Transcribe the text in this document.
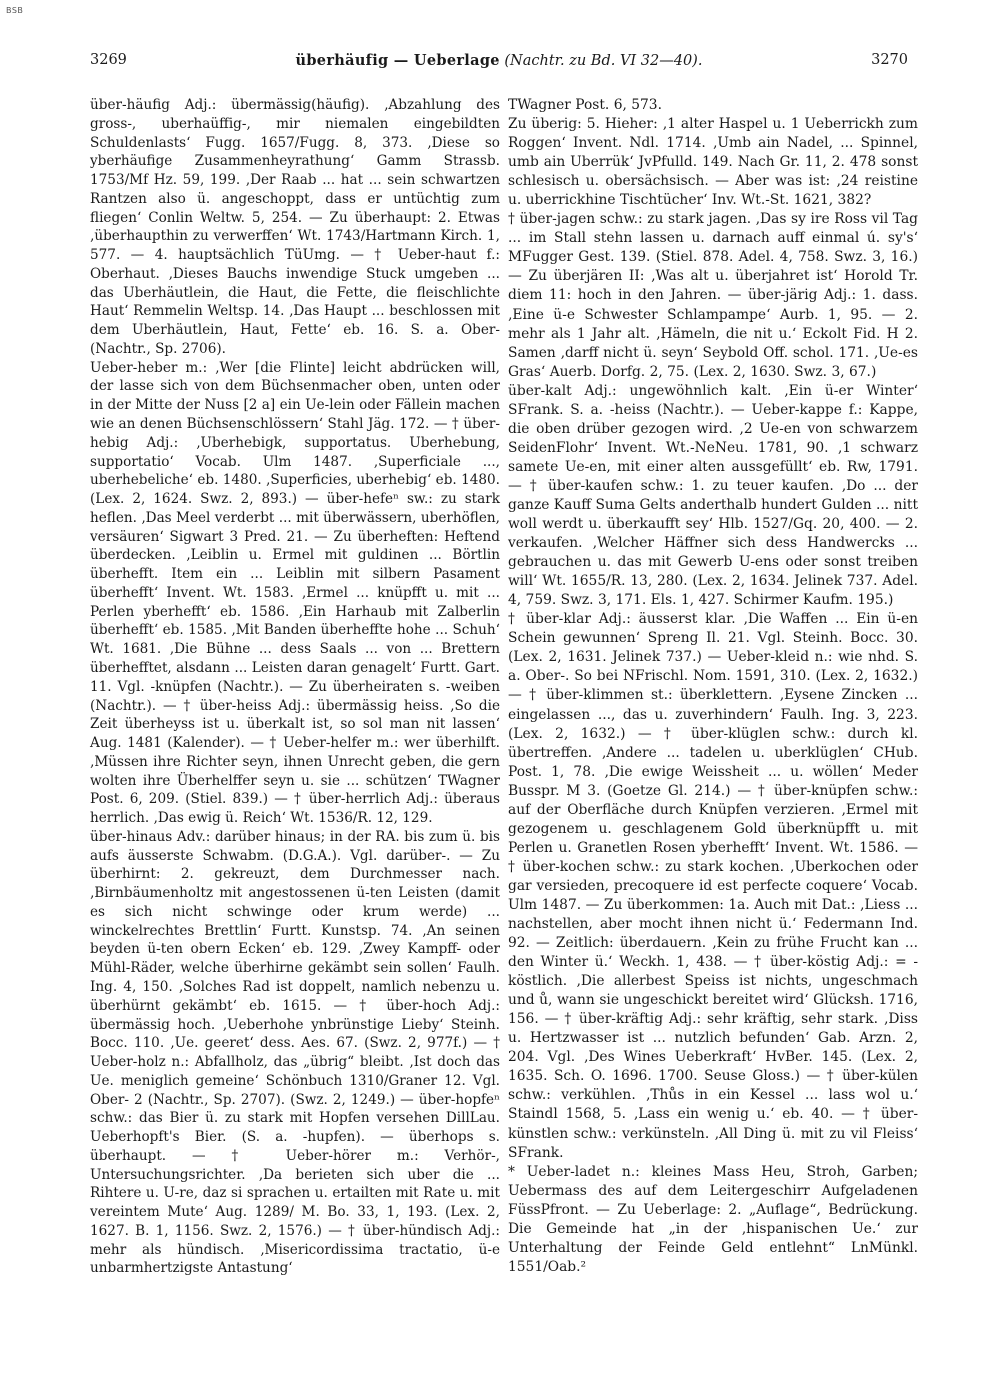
BSB
3269	überhäufig — Ueberlage (Nachtr. zu Bd. VI 32—40).	3270

über-häufig Adj.: übermässig(häufig). ‚Abzahlung des gross-, uberhaüffig-, mir niemalen eingebildten Schuldenlasts‘ Fugg. 1657/Fugg. 8, 373. ‚Diese so yberhäufige Zusammenheyrathung‘ Gamm Strassb. 1753/Mf Hz. 59, 199. ‚Der Raab ... hat ... sein schwartzen Rantzen also ü. angeschoppt, dass er untüchtig zum fliegen‘ Conlin Weltw. 5, 254. — Zu überhaupt: 2. Etwas ‚überhaupthin zu verwerffen‘ Wt. 1743/Hartmann Kirch. 1, 577. — 4. hauptsächlich TüUmg. — † Ueber-haut f.: Oberhaut. ‚Dieses Bauchs inwendige Stuck umgeben ... das Uberhäutlein, die Haut, die Fette, die fleischlichte Haut‘ Remmelin Weltsp. 14. ‚Das Haupt ... beschlossen mit dem Uberhäutlein, Haut, Fette‘ eb. 16. S. a. Ober- (Nachtr., Sp. 2706).

Ueber-heber m.: ‚Wer [die Flinte] leicht abdrücken will, der lasse sich von dem Büchsenmacher oben, unten oder in der Mitte der Nuss [2 a] ein Ue-lein oder Fällein machen wie an denen Büchsenschlössern‘ Stahl Jäg. 172. — † über-hebig Adj.: ‚Uberhebigk, supportatus. Uberhebung, supportatio‘ Vocab. Ulm 1487. ‚Superficiale ..., uberhebeliche‘ eb. 1480. ‚Superficies, uberhebig‘ eb. 1480. (Lex. 2, 1624. Swz. 2, 893.) — über-hefeⁿ sw.: zu stark heflen. ‚Das Meel verderbt ... mit überwässern, uberhöflen, versäuren‘ Sigwart 3 Pred. 21. — Zu überheften: Heftend überdecken. ‚Leiblin u. Ermel mit guldinen ... Börtlin überhefft. Item ein ... Leiblin mit silbern Pasament überhefft‘ Invent. Wt. 1583. ‚Ermel ... knüpfft u. mit ... Perlen yberhefft‘ eb. 1586. ‚Ein Harhaub mit Zalberlin überhefft‘ eb. 1585. ‚Mit Banden überheffte hohe ... Schuh‘ Wt. 1681. ‚Die Bühne ... dess Saals ... von ... Brettern überhefftet, alsdann ... Leisten daran genagelt‘ Furtt. Gart. 11. Vgl. -knüpfen (Nachtr.). — Zu überheiraten s. -weiben (Nachtr.). — † über-heiss Adj.: übermässig heiss. ‚So die Zeit überheyss ist u. überkalt ist, so sol man nit lassen‘ Aug. 1481 (Kalender). — † Ueber-helfer m.: wer überhilft. ‚Müssen ihre Richter seyn, ihnen Unrecht geben, die gern wolten ihre Überhelffer seyn u. sie ... schützen‘ TWagner Post. 6, 209. (Stiel. 839.) — † über-herrlich Adj.: überaus herrlich. ‚Das ewig ü. Reich‘ Wt. 1536/R. 12, 129.

über-hinaus Adv.: darüber hinaus; in der RA. bis zum ü. bis aufs äusserste Schwabm. (D.G.A.). Vgl. darüber-. — Zu überhirnt: 2. gekreuzt, dem Durchmesser nach. ‚Birnbäumenholtz mit angestossenen ü-ten Leisten (damit es sich nicht schwinge oder krum werde) ... winckelrechtes Brettlin‘ Furtt. Kunstsp. 74. ‚An seinen beyden ü-ten obern Ecken‘ eb. 129. ‚Zwey Kampff- oder Mühl-Räder, welche überhirne gekämbt sein sollen‘ Faulh. Ing. 4, 150. ‚Solches Rad ist doppelt, namlich nebenzu u. überhürnt gekämbt‘ eb. 1615. — † über-hoch Adj.: übermässig hoch. ‚Ueberhohe ynbrünstige Lieby‘ Steinh. Bocc. 110. ‚Ue. geeret‘ dess. Aes. 67. (Swz. 2, 977f.) — † Ueber-holz n.: Abfallholz, das „übrig“ bleibt. ‚Ist doch das Ue. meniglich gemeine‘ Schönbuch 1310/Graner 12. Vgl. Ober- 2 (Nachtr., Sp. 2707). (Swz. 2, 1249.) — über-hopfeⁿ schw.: das Bier ü. zu stark mit Hopfen versehen DillLau. Ueberhopft's Bier. (S. a. -hupfen). — überhops s. überhaupt. — † Ueber-hörer m.: Verhör-, Untersuchungsrichter. ‚Da berieten sich uber die ... Rihtere u. U-re, daz si sprachen u. ertailten mit Rate u. mit vereintem Mute‘ Aug. 1289/ M. Bo. 33, 1, 193. (Lex. 2, 1627. B. 1, 1156. Swz. 2, 1576.) — † über-hündisch Adj.: mehr als hündisch. ‚Misericordissima tractatio, ü-e unbarmhertzigste Antastung‘

TWagner Post. 6, 573.

Zu überig: 5. Hieher: ‚1 alter Haspel u. 1 Ueberrickh zum Roggen‘ Invent. Ndl. 1714. ‚Umb ain Nadel, ... Spinnel, umb ain Uberrük‘ JvPfulld. 149. Nach Gr. 11, 2. 478 sonst schlesisch u. obersächsisch. — Aber was ist: ‚24 reistine u. uberrickhine Tischtücher‘ Inv. Wt.-St. 1621, 382?

† über-jagen schw.: zu stark jagen. ‚Das sy ire Ross vil Tag ... im Stall stehn lassen u. darnach auff einmal ú. sy's‘ MFugger Gest. 139. (Stiel. 878. Adel. 4, 758. Swz. 3, 16.) — Zu überjären II: ‚Was alt u. überjahret ist‘ Horold Tr. diem 11: hoch in den Jahren. — über-järig Adj.: 1. dass. ‚Eine ü-e Schwester Schlampampe‘ Aurb. 1, 95. — 2. mehr als 1 Jahr alt. ‚Hämeln, die nit u.‘ Eckolt Fid. H 2. Samen ‚darff nicht ü. seyn‘ Seybold Off. schol. 171. ‚Ue-es Gras‘ Auerb. Dorfg. 2, 75. (Lex. 2, 1630. Swz. 3, 67.)

über-kalt Adj.: ungewöhnlich kalt. ‚Ein ü-er Winter‘ SFrank. S. a. -heiss (Nachtr.). — Ueber-kappe f.: Kappe, die oben drüber gezogen wird. ‚2 Ue-en von schwarzem SeidenFlohr‘ Invent. Wt.-NeNeu. 1781, 90. ‚1 schwarz samete Ue-en, mit einer alten aussgefüllt‘ eb. Rw, 1791. — † über-kaufen schw.: 1. zu teuer kaufen. ‚Do ... der ganze Kauff Suma Gelts anderthalb hundert Gulden ... nitt woll werdt u. überkaufft sey‘ Hlb. 1527/Gq. 20, 400. — 2. verkaufen. ‚Welcher Häffner sich dess Handwercks ... gebrauchen u. das mit Gewerb U-ens oder sonst treiben will‘ Wt. 1655/R. 13, 280. (Lex. 2, 1634. Jelinek 737. Adel. 4, 759. Swz. 3, 171. Els. 1, 427. Schirmer Kaufm. 195.)

† über-klar Adj.: äusserst klar. ‚Die Waffen ... Ein ü-en Schein gewunnen‘ Spreng Il. 21. Vgl. Steinh. Bocc. 30. (Lex. 2, 1631. Jelinek 737.) — Ueber-kleid n.: wie nhd. S. a. Ober-. So bei NFrischl. Nom. 1591, 310. (Lex. 2, 1632.) — † über-klimmen st.: überklettern. ‚Eysene Zincken ... eingelassen ..., das u. zuverhindern‘ Faulh. Ing. 3, 223. (Lex. 2, 1632.) — † über-klüglen schw.: durch kl. übertreffen. ‚Andere ... tadelen u. uberklüglen‘ CHub. Post. 1, 78. ‚Die ewige Weissheit ... u. wöllen‘ Meder Busspr. M 3. (Goetze Gl. 214.) — † über-knüpfen schw.: auf der Oberfläche durch Knüpfen verzieren. ‚Ermel mit gezogenem u. geschlagenem Gold überknüpfft u. mit Perlen u. Granetlen Rosen yberhefft‘ Invent. Wt. 1586. — † über-kochen schw.: zu stark kochen. ‚Uberkochen oder gar versieden, precoquere id est perfecte coquere‘ Vocab. Ulm 1487. — Zu überkommen: 1a. Auch mit Dat.: ‚Liess ... nachstellen, aber mocht ihnen nicht ü.‘ Federmann Ind. 92. — Zeitlich: überdauern. ‚Kein zu frühe Frucht kan ... den Winter ü.‘ Weckh. 1, 438. — † über-köstig Adj.: = -köstlich. ‚Die allerbest Speiss ist nichts, ungeschmach und ů, wann sie ungeschickt bereitet wird‘ Glücksh. 1716, 156. — † über-kräftig Adj.: sehr kräftig, sehr stark. ‚Diss u. Hertzwasser ist ... nutzlich befunden‘ Gab. Arzn. 2, 204. Vgl. ‚Des Wines Ueberkraft‘ HvBer. 145. (Lex. 2, 1635. Sch. O. 1696. 1700. Seuse Gloss.) — † über-külen schw.: verkühlen. ‚Thůs in ein Kessel ... lass wol u.‘ Staindl 1568, 5. ‚Lass ein wenig u.‘ eb. 40. — † über-künstlen schw.: verkünsteln. ‚All Ding ü. mit zu vil Fleiss‘ SFrank.

* Ueber-ladet n.: kleines Mass Heu, Stroh, Garben; Uebermass des auf dem Leitergeschirr Aufgeladenen FüssPfront. — Zu Ueberlage: 2. „Auflage“, Bedrückung. Die Gemeinde hat „in der ‚hispanischen Ue.‘ zur Unterhaltung der Feinde Geld entlehnt“ LnMünkl. 1551/Oab.²
